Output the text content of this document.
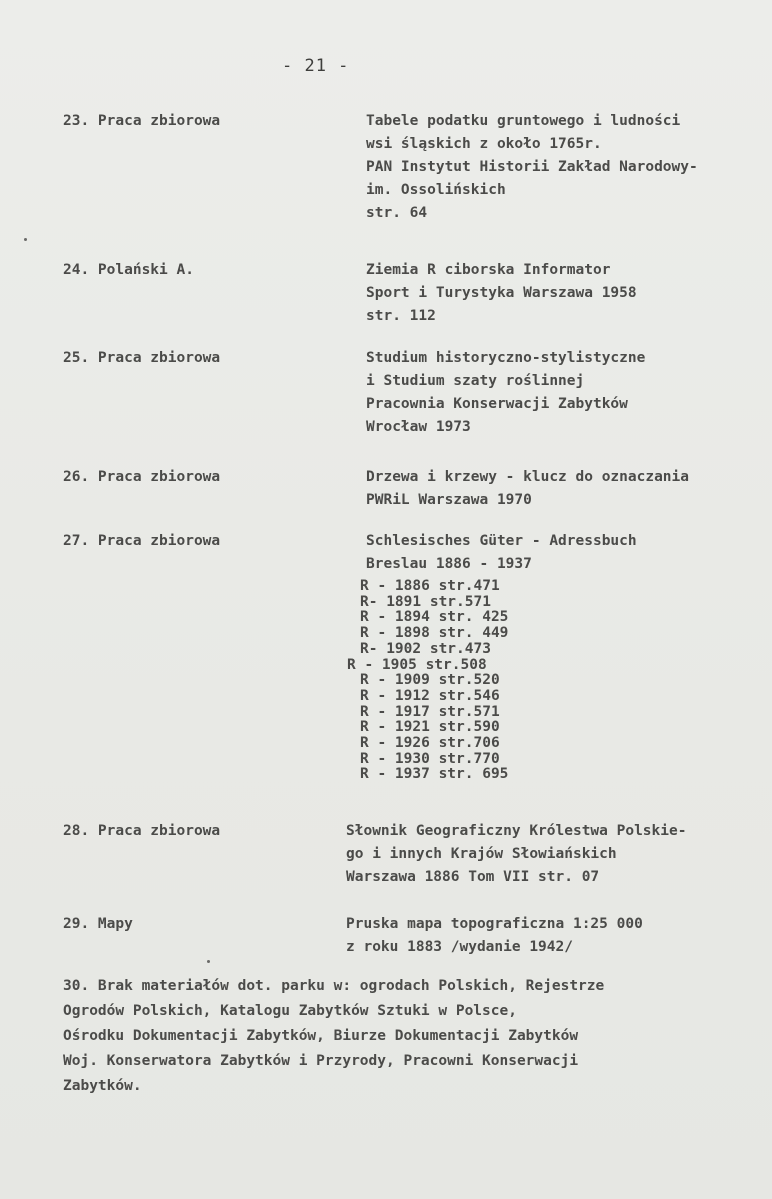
- 21 -
23. Praca zbiorowa	Tabele podatku gruntowego i ludności
wsi śląskich z około 1765r.
PAN Instytut Historii Zakład Narodowy-
im. Ossolińskich
str. 64
24. Polański A.	Ziemia R ciborska Informator
Sport i Turystyka Warszawa 1958
str. 112
25. Praca zbiorowa	Studium historyczno-stylistyczne
i Studium szaty roślinnej
Pracownia Konserwacji Zabytków
Wrocław 1973
26. Praca zbiorowa	Drzewa i krzewy - klucz do oznaczania
PWRiL Warszawa 1970
27. Praca zbiorowa	Schlesisches Güter - Adressbuch
Breslau 1886 - 1937
R - 1886 str.471
R- 1891 str.571
R - 1894 str. 425
R - 1898 str. 449
R- 1902 str.473
R - 1905 str.508
R - 1909 str.520
R - 1912 str.546
R - 1917 str.571
R - 1921 str.590
R - 1926 str.706
R - 1930 str.770
R - 1937 str. 695
28. Praca zbiorowa	Słownik Geograficzny Królestwa Polskie-
go i innych Krajów Słowiańskich
Warszawa 1886 Tom VII str. 07
29. Mapy	Pruska mapa topograficzna 1:25 000
z roku 1883 /wydanie 1942/
30. Brak materiałów dot. parku w: ogrodach Polskich, Rejestrze
Ogrodów Polskich, Katalogu Zabytków Sztuki w Polsce,
Ośrodku Dokumentacji Zabytków, Biurze Dokumentacji Zabytków
Woj. Konserwatora Zabytków i Przyrody, Pracowni Konserwacji
Zabytków.
